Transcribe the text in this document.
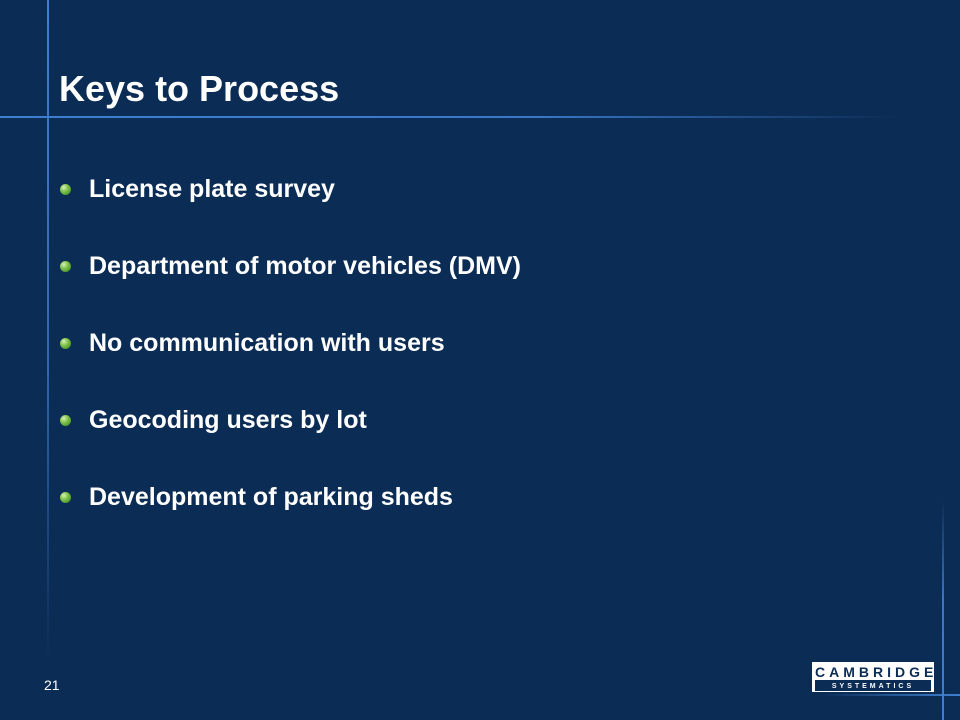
Keys to Process
License plate survey
Department of motor vehicles (DMV)
No communication with users
Geocoding users by lot
Development of parking sheds
21
CAMBRIDGE
SYSTEMATICS
